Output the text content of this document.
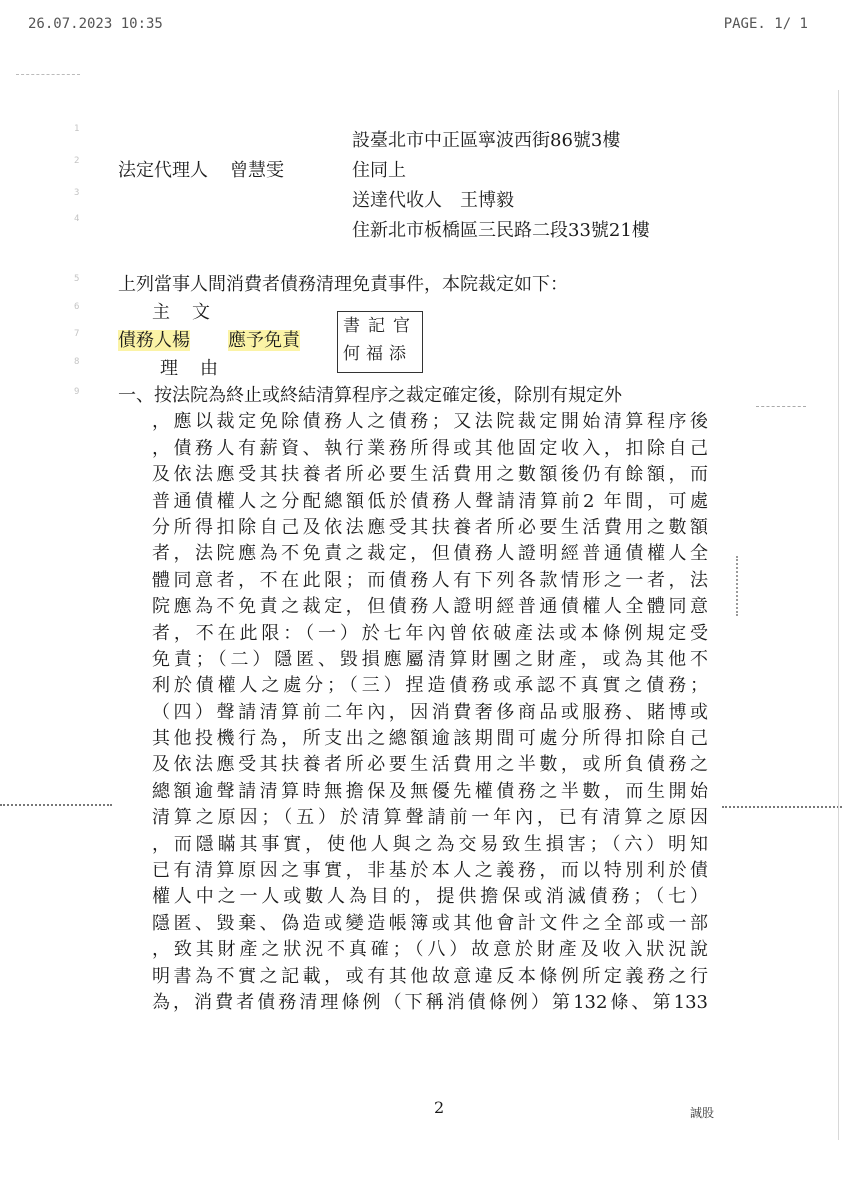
26.07.2023 10:35	PAGE. 1/ 1
1
2
3
4
5
6
7
8
9
設臺北市中正區寧波西街86號3樓
法定代理人 曾慧雯	住同上
送達代收人　王博毅
住新北市板橋區三民路二段33號21樓
上列當事人間消費者債務清理免責事件，本院裁定如下：
主文
債務人楊 應予免責
書記官
何福添
理由
一、按法院為終止或終結清算程序之裁定確定後，除別有規定外
，應以裁定免除債務人之債務；又法院裁定開始清算程序後
，債務人有薪資、執行業務所得或其他固定收入，扣除自己
及依法應受其扶養者所必要生活費用之數額後仍有餘額，而
普通債權人之分配總額低於債務人聲請清算前2 年間，可處
分所得扣除自己及依法應受其扶養者所必要生活費用之數額
者，法院應為不免責之裁定，但債務人證明經普通債權人全
體同意者，不在此限；而債務人有下列各款情形之一者，法
院應為不免責之裁定，但債務人證明經普通債權人全體同意
者，不在此限：（一）於七年內曾依破產法或本條例規定受
免責；（二）隱匿、毀損應屬清算財團之財產，或為其他不
利於債權人之處分；（三）捏造債務或承認不真實之債務；
（四）聲請清算前二年內，因消費奢侈商品或服務、賭博或
其他投機行為，所支出之總額逾該期間可處分所得扣除自己
及依法應受其扶養者所必要生活費用之半數，或所負債務之
總額逾聲請清算時無擔保及無優先權債務之半數，而生開始
清算之原因；（五）於清算聲請前一年內，已有清算之原因
，而隱瞞其事實，使他人與之為交易致生損害；（六）明知
已有清算原因之事實，非基於本人之義務，而以特別利於債
權人中之一人或數人為目的，提供擔保或消滅債務；（七）
隱匿、毀棄、偽造或變造帳簿或其他會計文件之全部或一部
，致其財產之狀況不真確；（八）故意於財產及收入狀況說
明書為不實之記載，或有其他故意違反本條例所定義務之行
為，消費者債務清理條例（下稱消債條例）第132條、第133
2	誠股
